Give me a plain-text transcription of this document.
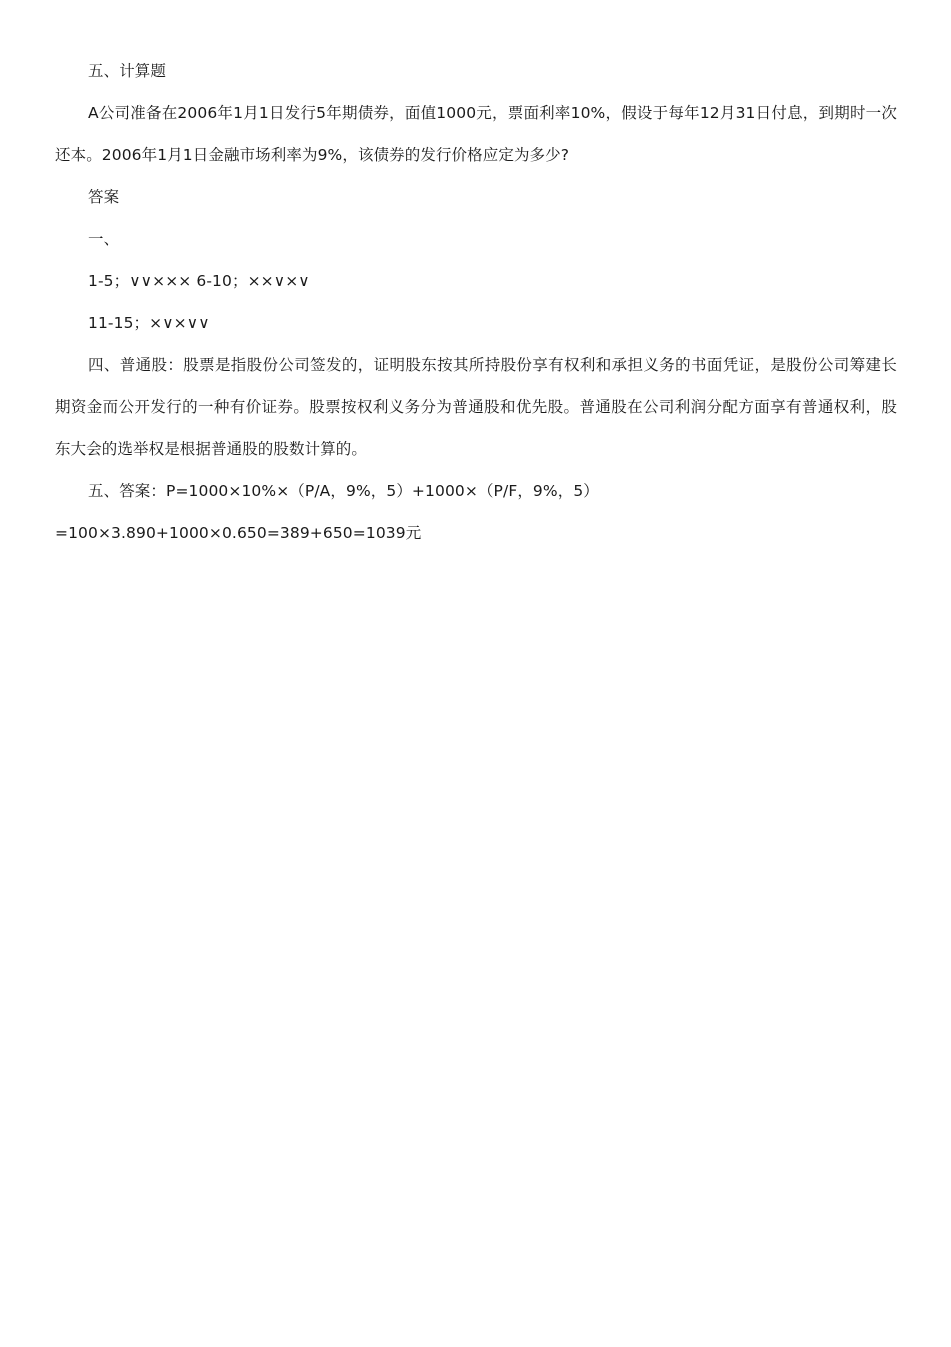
五、计算题

A公司准备在2006年1月1日发行5年期债券，面值1000元，票面利率10%，假设于每年12月31日付息，到期时一次还本。2006年1月1日金融市场利率为9%，该债券的发行价格应定为多少?

答案

一、

1-5；∨∨××× 6-10；××∨×∨

11-15；×∨×∨∨

四、普通股：股票是指股份公司签发的，证明股东按其所持股份享有权利和承担义务的书面凭证，是股份公司筹建长期资金而公开发行的一种有价证券。股票按权利义务分为普通股和优先股。普通股在公司利润分配方面享有普通权利，股东大会的选举权是根据普通股的股数计算的。

五、答案：P=1000×10%×（P/A，9%，5）+1000×（P/F，9%，5）

=100×3.890+1000×0.650=389+650=1039元
